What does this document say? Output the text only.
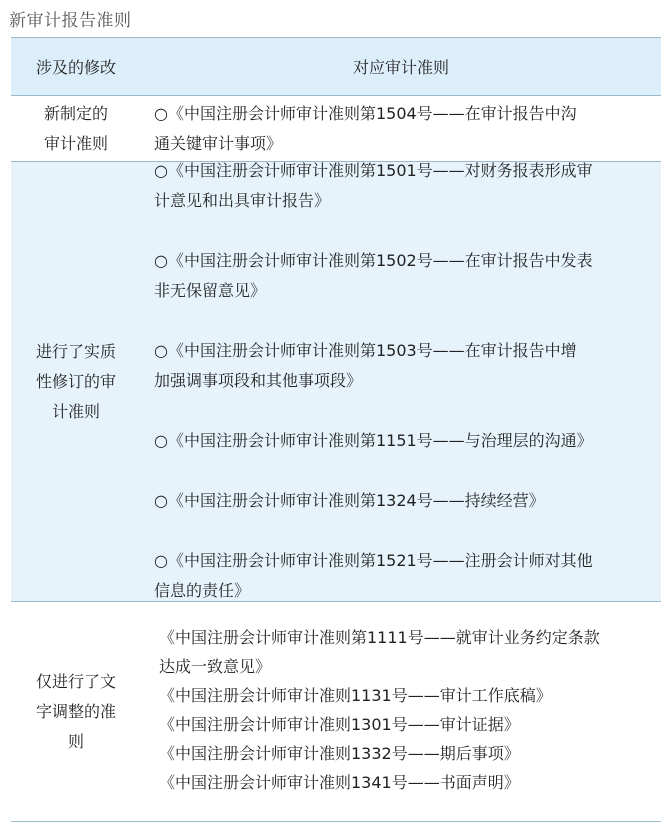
新审计报告准则
涉及的修改	对应审计准则
新制定的
审计准则
○《中国注册会计师审计准则第1504号——在审计报告中沟
通关键审计事项》
进行了实质
性修订的审
计准则
○《中国注册会计师审计准则第1501号——对财务报表形成审
计意见和出具审计报告》
○《中国注册会计师审计准则第1502号——在审计报告中发表
非无保留意见》
○《中国注册会计师审计准则第1503号——在审计报告中增
加强调事项段和其他事项段》
○《中国注册会计师审计准则第1151号——与治理层的沟通》
○《中国注册会计师审计准则第1324号——持续经营》
○《中国注册会计师审计准则第1521号——注册会计师对其他
信息的责任》
仅进行了文
字调整的准
则
《中国注册会计师审计准则第1111号——就审计业务约定条款
达成一致意见》
《中国注册会计师审计准则1131号——审计工作底稿》
《中国注册会计师审计准则1301号——审计证据》
《中国注册会计师审计准则1332号——期后事项》
《中国注册会计师审计准则1341号——书面声明》
